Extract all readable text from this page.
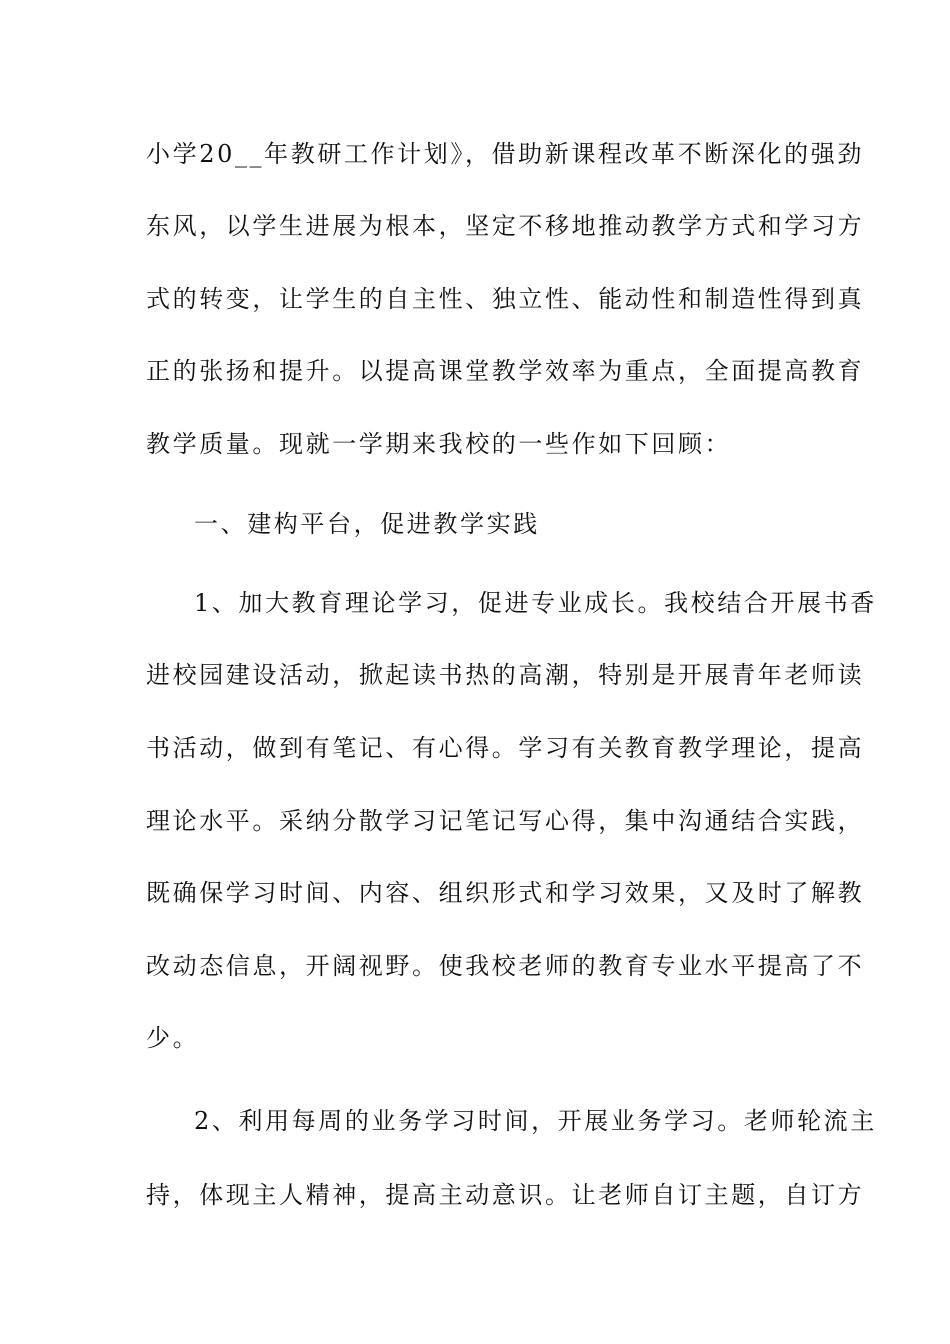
小学20__年教研工作计划》，借助新课程改革不断深化的强劲
东风，以学生进展为根本，坚定不移地推动教学方式和学习方
式的转变，让学生的自主性、独立性、能动性和制造性得到真
正的张扬和提升。以提高课堂教学效率为重点，全面提高教育
教学质量。现就一学期来我校的一些作如下回顾：
一、建构平台，促进教学实践
1、加大教育理论学习，促进专业成长。我校结合开展书香
进校园建设活动，掀起读书热的高潮，特别是开展青年老师读
书活动，做到有笔记、有心得。学习有关教育教学理论，提高
理论水平。采纳分散学习记笔记写心得，集中沟通结合实践，
既确保学习时间、内容、组织形式和学习效果，又及时了解教
改动态信息，开阔视野。使我校老师的教育专业水平提高了不
少。
2、利用每周的业务学习时间，开展业务学习。老师轮流主
持，体现主人精神，提高主动意识。让老师自订主题，自订方
